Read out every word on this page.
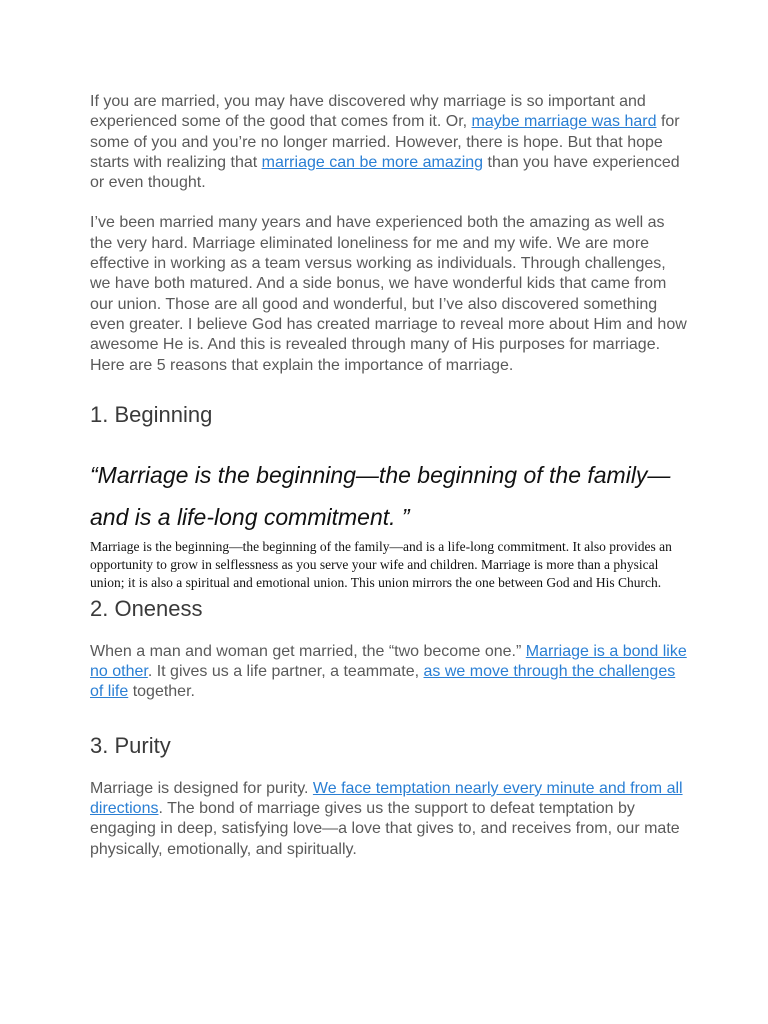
If you are married, you may have discovered why marriage is so important and experienced some of the good that comes from it. Or, maybe marriage was hard for some of you and you’re no longer married. However, there is hope. But that hope starts with realizing that marriage can be more amazing than you have experienced or even thought.

I’ve been married many years and have experienced both the amazing as well as the very hard. Marriage eliminated loneliness for me and my wife. We are more effective in working as a team versus working as individuals. Through challenges, we have both matured. And a side bonus, we have wonderful kids that came from our union. Those are all good and wonderful, but I’ve also discovered something even greater. I believe God has created marriage to reveal more about Him and how awesome He is. And this is revealed through many of His purposes for marriage. Here are 5 reasons that explain the importance of marriage.

1. Beginning

“Marriage is the beginning—the beginning of the family—and is a life-long commitment. ”

Marriage is the beginning—the beginning of the family—and is a life-long commitment. It also provides an opportunity to grow in selflessness as you serve your wife and children. Marriage is more than a physical union; it is also a spiritual and emotional union. This union mirrors the one between God and His Church.

2. Oneness

When a man and woman get married, the “two become one.” Marriage is a bond like no other. It gives us a life partner, a teammate, as we move through the challenges of life together.

3. Purity

Marriage is designed for purity. We face temptation nearly every minute and from all directions. The bond of marriage gives us the support to defeat temptation by engaging in deep, satisfying love—a love that gives to, and receives from, our mate physically, emotionally, and spiritually.
